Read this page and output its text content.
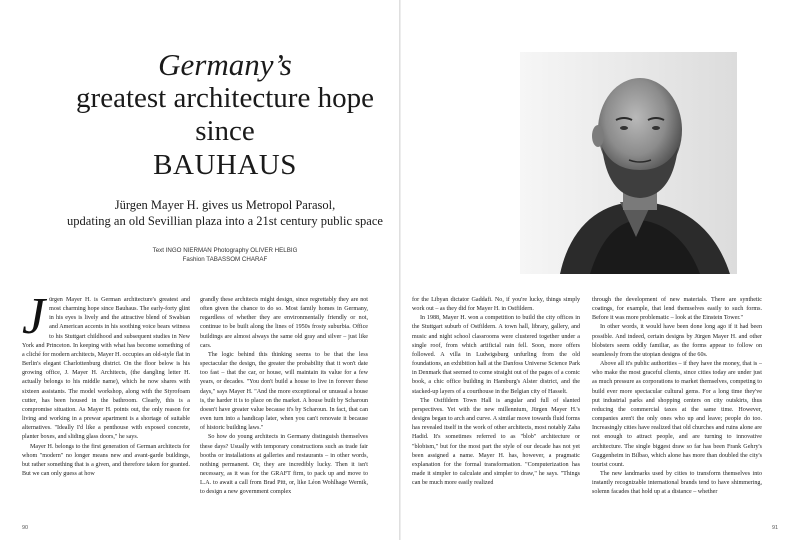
Germany’s
greatest architecture hope
since
BAUHAUS
Jürgen Mayer H. gives us Metropol Parasol,
updating an old Sevillian plaza into a 21st century public space
Text INGO NIERMAN Photography OLIVER HELBIG
Fashion TABASSOM CHARAF

Jürgen Mayer H. is German architecture's greatest and most charming hope since Bauhaus. The early-forty glint in his eyes is lively and the attractive blend of Swabian and American accents in his soothing voice bears witness to his Stuttgart childhood and subsequent studies in New York and Princeton. In keeping with what has become something of a cliché for modern architects, Mayer H. occupies an old-style flat in Berlin's elegant Charlottenburg district. On the floor below is his growing office, J. Mayer H. Architects, (the dangling letter H. actually belongs to his middle name), which he now shares with sixteen assistants. The model workshop, along with the Styrofoam cutter, has been housed in the bathroom. Clearly, this is a compromise situation. As Mayer H. points out, the only reason for living and working in a prewar apartment is a shortage of suitable alternatives. "Ideally I'd like a penthouse with exposed concrete, planter boxes, and sliding glass doors," he says.

Mayer H. belongs to the first generation of German architects for whom "modern" no longer means new and avant-garde buildings, but rather something that is a given, and therefore taken for granted. But we can only guess at how

grandly these architects might design, since regrettably they are not often given the chance to do so. Most family homes in Germany, regardless of whether they are environmentally friendly or not, continue to be built along the lines of 1950s frosty suburbia. Office buildings are almost always the same old gray and silver – just like cars.

The logic behind this thinking seems to be that the less spectacular the design, the greater the probability that it won't date too fast – that the car, or house, will maintain its value for a few years, or decades. "You don't build a house to live in forever these days," says Mayer H. "And the more exceptional or unusual a house is, the harder it is to place on the market. A house built by Scharoun doesn't have greater value because it's by Scharoun. In fact, that can even turn into a handicap later, when you can't renovate it because of historic building laws."

So how do young architects in Germany distinguish themselves these days? Usually with temporary constructions such as trade fair booths or installations at galleries and restaurants – in other words, nothing permanent. Or, they are incredibly lucky. Then it isn't necessary, as it was for the GRAFT firm, to pack up and move to L.A. to await a call from Brad Pitt, or, like Léon Wohlhage Wernik, to design a new government complex

for the Libyan dictator Gaddafi. No, if you're lucky, things simply work out – as they did for Mayer H. in Ostfildern.

In 1988, Mayer H. won a competition to build the city offices in the Stuttgart suburb of Ostfildern. A town hall, library, gallery, and music and night school classrooms were clustered together under a single roof, from which artificial rain fell. Soon, more offers followed. A villa in Ludwigsburg unfurling from the old foundations, an exhibition hall at the Danfoss Universe Science Park in Denmark that seemed to come straight out of the pages of a comic book, a chic office building in Hamburg's Alster district, and the stacked-up layers of a courthouse in the Belgian city of Hasselt.

The Ostfildern Town Hall is angular and full of slanted perspectives. Yet with the new millennium, Jürgen Mayer H.'s designs began to arch and curve. A similar move towards fluid forms has revealed itself in the work of other architects, most notably Zaha Hadid. It's sometimes referred to as "blob" architecture or "blobism," but for the most part the style of our decade has not yet been assigned a name. Mayer H. has, however, a pragmatic explanation for the formal transformation. "Computerization has made it simpler to calculate and simpler to draw," he says. "Things can be much more easily realized

through the development of new materials. There are synthetic coatings, for example, that lend themselves easily to such forms. Before it was more problematic – look at the Einstein Tower."

In other words, it would have been done long ago if it had been possible. And indeed, certain designs by Jürgen Mayer H. and other blobsters seem oddly familiar, as the forms appear to follow on seamlessly from the utopian designs of the 60s.

Above all it's public authorities – if they have the money, that is – who make the most graceful clients, since cities today are under just as much pressure as corporations to market themselves, competing to build ever more spectacular cultural gems. For a long time they've put industrial parks and shopping centers on city outskirts, thus reducing the commercial taxes at the same time. However, companies aren't the only ones who up and leave; people do too. Increasingly cities have realized that old churches and ruins alone are not enough to attract people, and are turning to innovative architecture. The single biggest draw so far has been Frank Gehry's Guggenheim in Bilbao, which alone has more than doubled the city's tourist count.

The new landmarks used by cities to transform themselves into instantly recognizable international brands tend to have shimmering, solemn facades that hold up at a distance – whether

90	91
